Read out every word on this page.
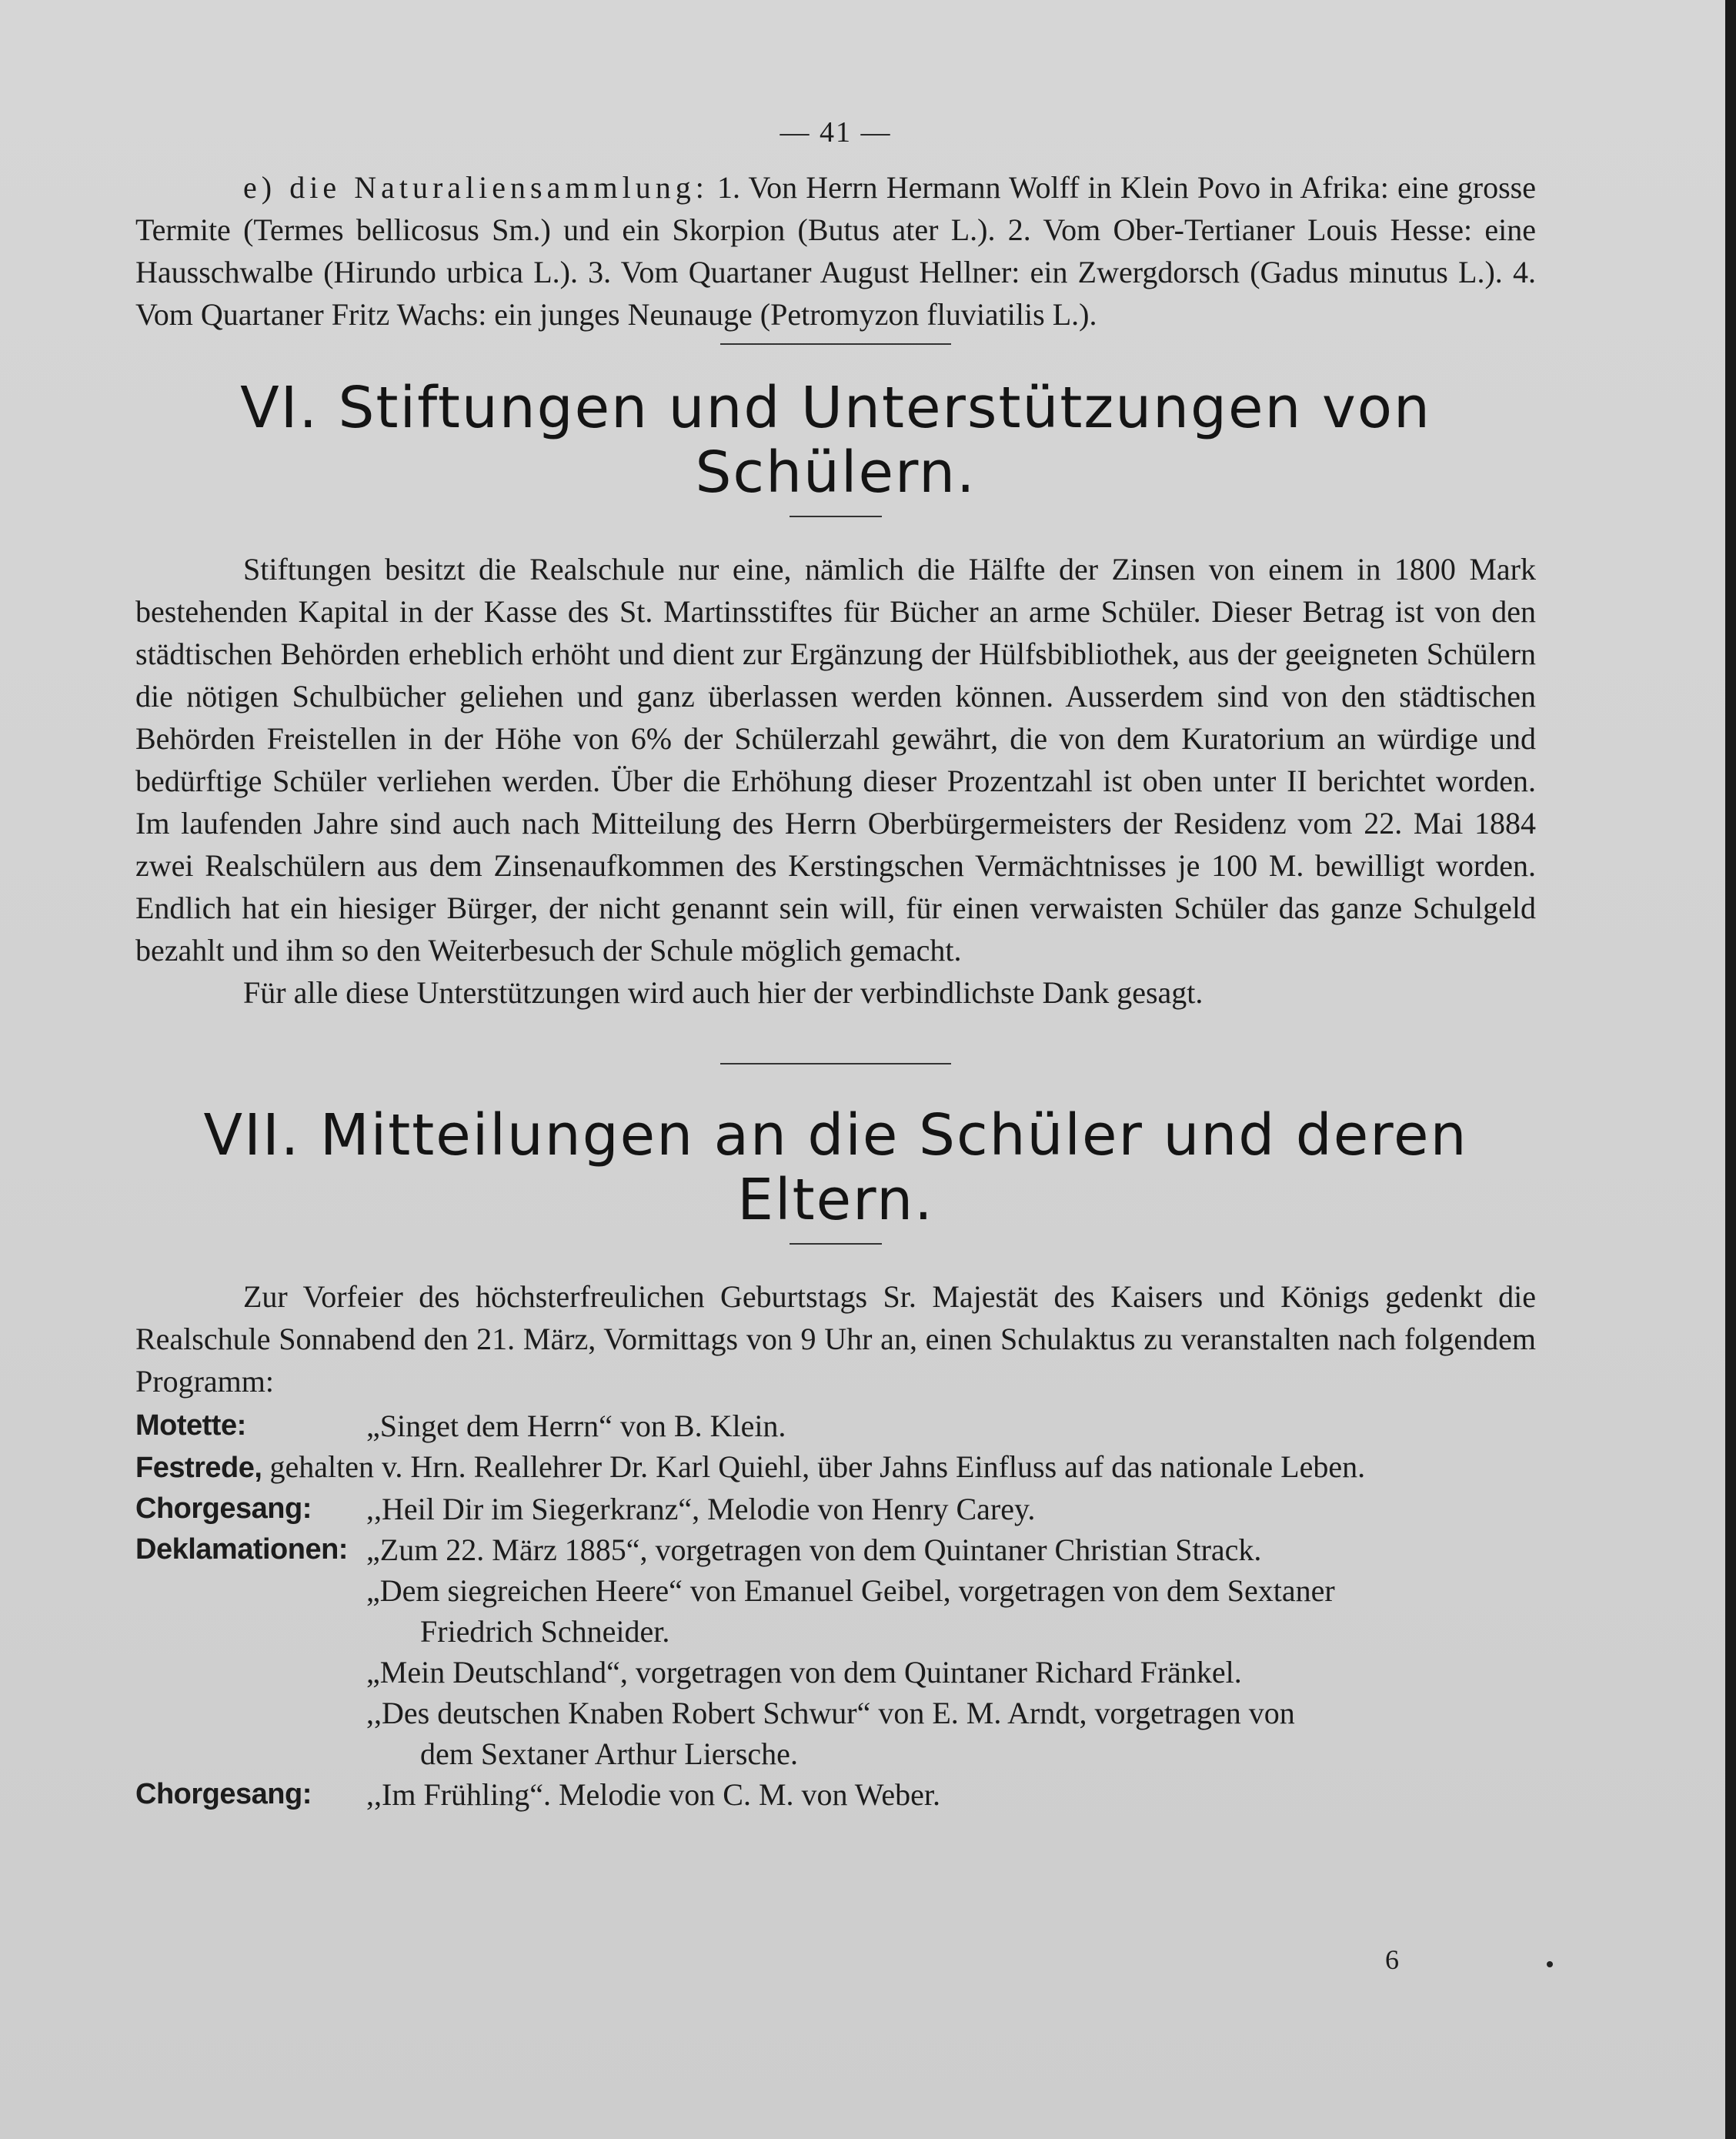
— 41 —

e) die Naturaliensammlung: 1. Von Herrn Hermann Wolff in Klein Povo in Afrika: eine grosse Termite (Termes bellicosus Sm.) und ein Skorpion (Butus ater L.). 2. Vom Ober-Tertianer Louis Hesse: eine Hausschwalbe (Hirundo urbica L.). 3. Vom Quartaner August Hellner: ein Zwergdorsch (Gadus minutus L.). 4. Vom Quartaner Fritz Wachs: ein junges Neunauge (Petromyzon fluviatilis L.).

VI. Stiftungen und Unterstützungen von
Schülern.

Stiftungen besitzt die Realschule nur eine, nämlich die Hälfte der Zinsen von einem in 1800 Mark bestehenden Kapital in der Kasse des St. Martinsstiftes für Bücher an arme Schüler. Dieser Betrag ist von den städtischen Behörden erheblich erhöht und dient zur Ergänzung der Hülfsbibliothek, aus der geeigneten Schülern die nötigen Schulbücher geliehen und ganz überlassen werden können. Ausserdem sind von den städtischen Behörden Freistellen in der Höhe von 6% der Schülerzahl gewährt, die von dem Kuratorium an würdige und bedürftige Schüler verliehen werden. Über die Erhöhung dieser Prozentzahl ist oben unter II berichtet worden. Im laufenden Jahre sind auch nach Mitteilung des Herrn Oberbürgermeisters der Residenz vom 22. Mai 1884 zwei Realschülern aus dem Zinsenaufkommen des Kerstingschen Vermächtnisses je 100 M. bewilligt worden. Endlich hat ein hiesiger Bürger, der nicht genannt sein will, für einen verwaisten Schüler das ganze Schulgeld bezahlt und ihm so den Weiterbesuch der Schule möglich gemacht.

Für alle diese Unterstützungen wird auch hier der verbindlichste Dank gesagt.

VII. Mitteilungen an die Schüler und deren
Eltern.

Zur Vorfeier des höchsterfreulichen Geburtstags Sr. Majestät des Kaisers und Königs gedenkt die Realschule Sonnabend den 21. März, Vormittags von 9 Uhr an, einen Schulaktus zu veranstalten nach folgendem Programm:

Motette:	„Singet dem Herrn“ von B. Klein.
Festrede, gehalten v. Hrn. Reallehrer Dr. Karl Quiehl, über Jahns Einfluss auf das nationale Leben.
Chorgesang:	,,Heil Dir im Siegerkranz“, Melodie von Henry Carey.
Deklamationen: „Zum 22. März 1885“, vorgetragen von dem Quintaner Christian Strack.
„Dem siegreichen Heere“ von Emanuel Geibel, vorgetragen von dem Sextaner
Friedrich Schneider.
„Mein Deutschland“, vorgetragen von dem Quintaner Richard Fränkel.
,,Des deutschen Knaben Robert Schwur“ von E. M. Arndt, vorgetragen von
dem Sextaner Arthur Liersche.
Chorgesang:	,,Im Frühling“. Melodie von C. M. von Weber.
6
